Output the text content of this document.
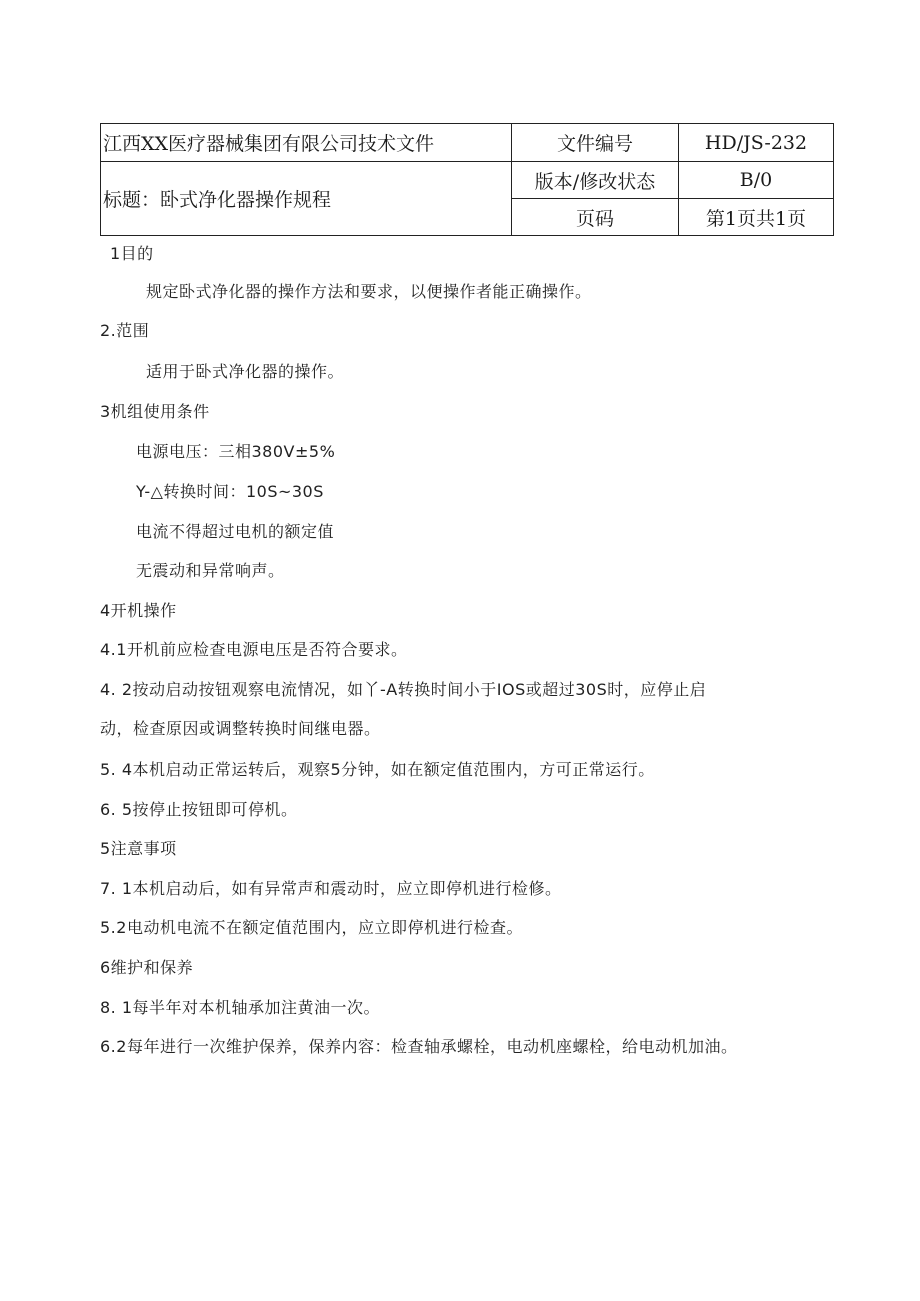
江西XX医疗器械集团有限公司技术文件	文件编号	HD/JS-232
标题：卧式净化器操作规程	版本/修改状态	B/0
	页码	第1页共1页
1目的
规定卧式净化器的操作方法和要求，以便操作者能正确操作。
2.范围
适用于卧式净化器的操作。
3机组使用条件
电源电压：三相380V±5%
Y-△转换时间：10S~30S
电流不得超过电机的额定值
无震动和异常响声。
4开机操作
4.1开机前应检查电源电压是否符合要求。
4. 2按动启动按钮观察电流情况，如丫-A转换时间小于IOS或超过30S时，应停止启
动，检查原因或调整转换时间继电器。
5. 4本机启动正常运转后，观察5分钟，如在额定值范围内，方可正常运行。
6. 5按停止按钮即可停机。
5注意事项
7. 1本机启动后，如有异常声和震动时，应立即停机进行检修。
5.2电动机电流不在额定值范围内，应立即停机进行检查。
6维护和保养
8. 1每半年对本机轴承加注黄油一次。
6.2每年进行一次维护保养，保养内容：检查轴承螺栓，电动机座螺栓，给电动机加油。
